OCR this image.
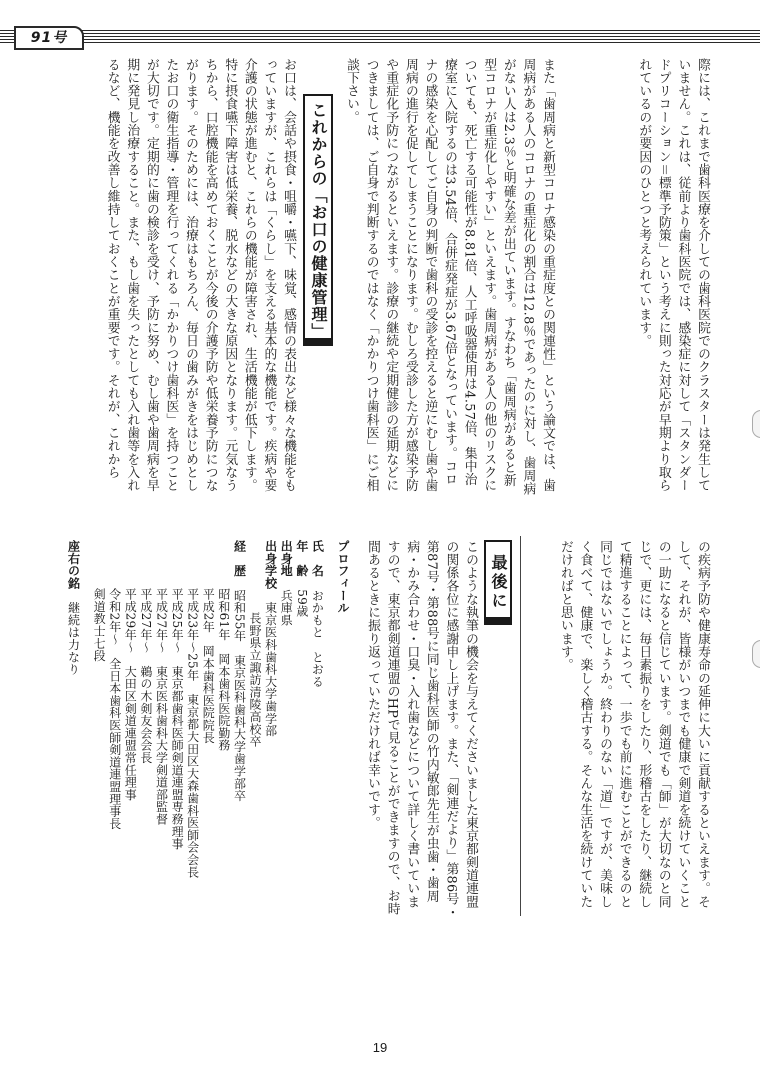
91号

際には、これまで歯科医療を介しての歯科医院でのクラスターは発生していません。これは、従前より歯科医院では、感染症に対して「スタンダードプリコーション＝標準予防策」という考えに則った対応が早期より取られているのが要因のひとつと考えられています。

また「歯周病と新型コロナ感染の重症度との関連性」という論文では、歯周病がある人のコロナの重症化の割合は12.8％であったのに対し、歯周病がない人は2.3％と明確な差が出ています。すなわち「歯周病があると新型コロナが重症化しやすい」といえます。歯周病がある人の他のリスクについても、死亡する可能性が8.81倍、人工呼吸器使用は4.57倍、集中治療室に入院するのは3.54倍、合併症発症が3.67倍となっています。コロナの感染を心配してご自身の判断で歯科の受診を控えると逆にむし歯や歯周病の進行を促してしまうことになります。むしろ受診した方が感染予防や重症化予防につながるといえます。診療の継続や定期健診の延期などにつきましては、ご自身で判断するのではなく「かかりつけ歯科医」にご相談下さい。

これからの「お口の健康管理」

お口は、会話や摂食・咀嚼・嚥下、味覚、感情の表出など様々な機能をもっていますが、これらは「くらし」を支える基本的な機能です。疾病や要介護の状態が進むと、これらの機能が障害され、生活機能が低下します。特に摂食嚥下障害は低栄養、脱水などの大きな原因となります。元気なうちから、口腔機能を高めておくことが今後の介護予防や低栄養予防につながります。そのためには、治療はもちろん、毎日の歯みがきをはじめとしたお口の衛生指導・管理を行ってくれる「かかりつけ歯科医」を持つことが大切です。定期的に歯の検診を受け、予防に努め、むし歯や歯周病を早期に発見し治療すること。また、もし歯を失ったとしても入れ歯等を入れるなど、機能を改善し維持しておくことが重要です。それが、これから

の疾病予防や健康寿命の延伸に大いに貢献するといえます。そして、それが、皆様がいつまでも健康で剣道を続けていくことの一助になると信じています。剣道でも「師」が大切なのと同じで、更には、毎日素振りをしたり、形稽古をしたり、継続して精進することによって、一歩でも前に進むことができるのと同じではないでしょうか。終わりのない「道」ですが、美味しく食べて、健康で、楽しく稽古する。そんな生活を続けていただければと思います。

最後に

このような執筆の機会を与えてくださいました東京都剣道連盟の関係各位に感謝申し上げます。また、「剣連だより」第86号・第87号・第88号に同じ歯科医師の竹内敏郎先生が虫歯・歯周病・かみ合わせ・口臭・入れ歯などについて詳しく書いていますので、東京都剣道連盟のHPで見ることができますので、お時間あるときに振り返っていただければ幸いです。

プロフィール
氏　名　おかもと　とおる
年　齢　59歳
出身地　兵庫県
出身学校　東京医科歯科大学歯学部
長野県立諏訪清陵高校卒
経　歴　昭和55年　東京医科歯科大学歯学部卒
昭和61年　岡本歯科医院勤務
平成2年　岡本歯科医院院長
平成23年～25年　東京都大田区大森歯科医師会会長
平成25年～　東京都歯科医師剣道連盟専務理事
平成27年～　東京医科歯科大学剣道部監督
平成27年～　鵜の木剣友会会長
平成29年～　大田区剣道連盟常任理事
令和2年～　全日本歯科医師剣道連盟理事長
剣道教士七段
座右の銘　継続は力なり
19
